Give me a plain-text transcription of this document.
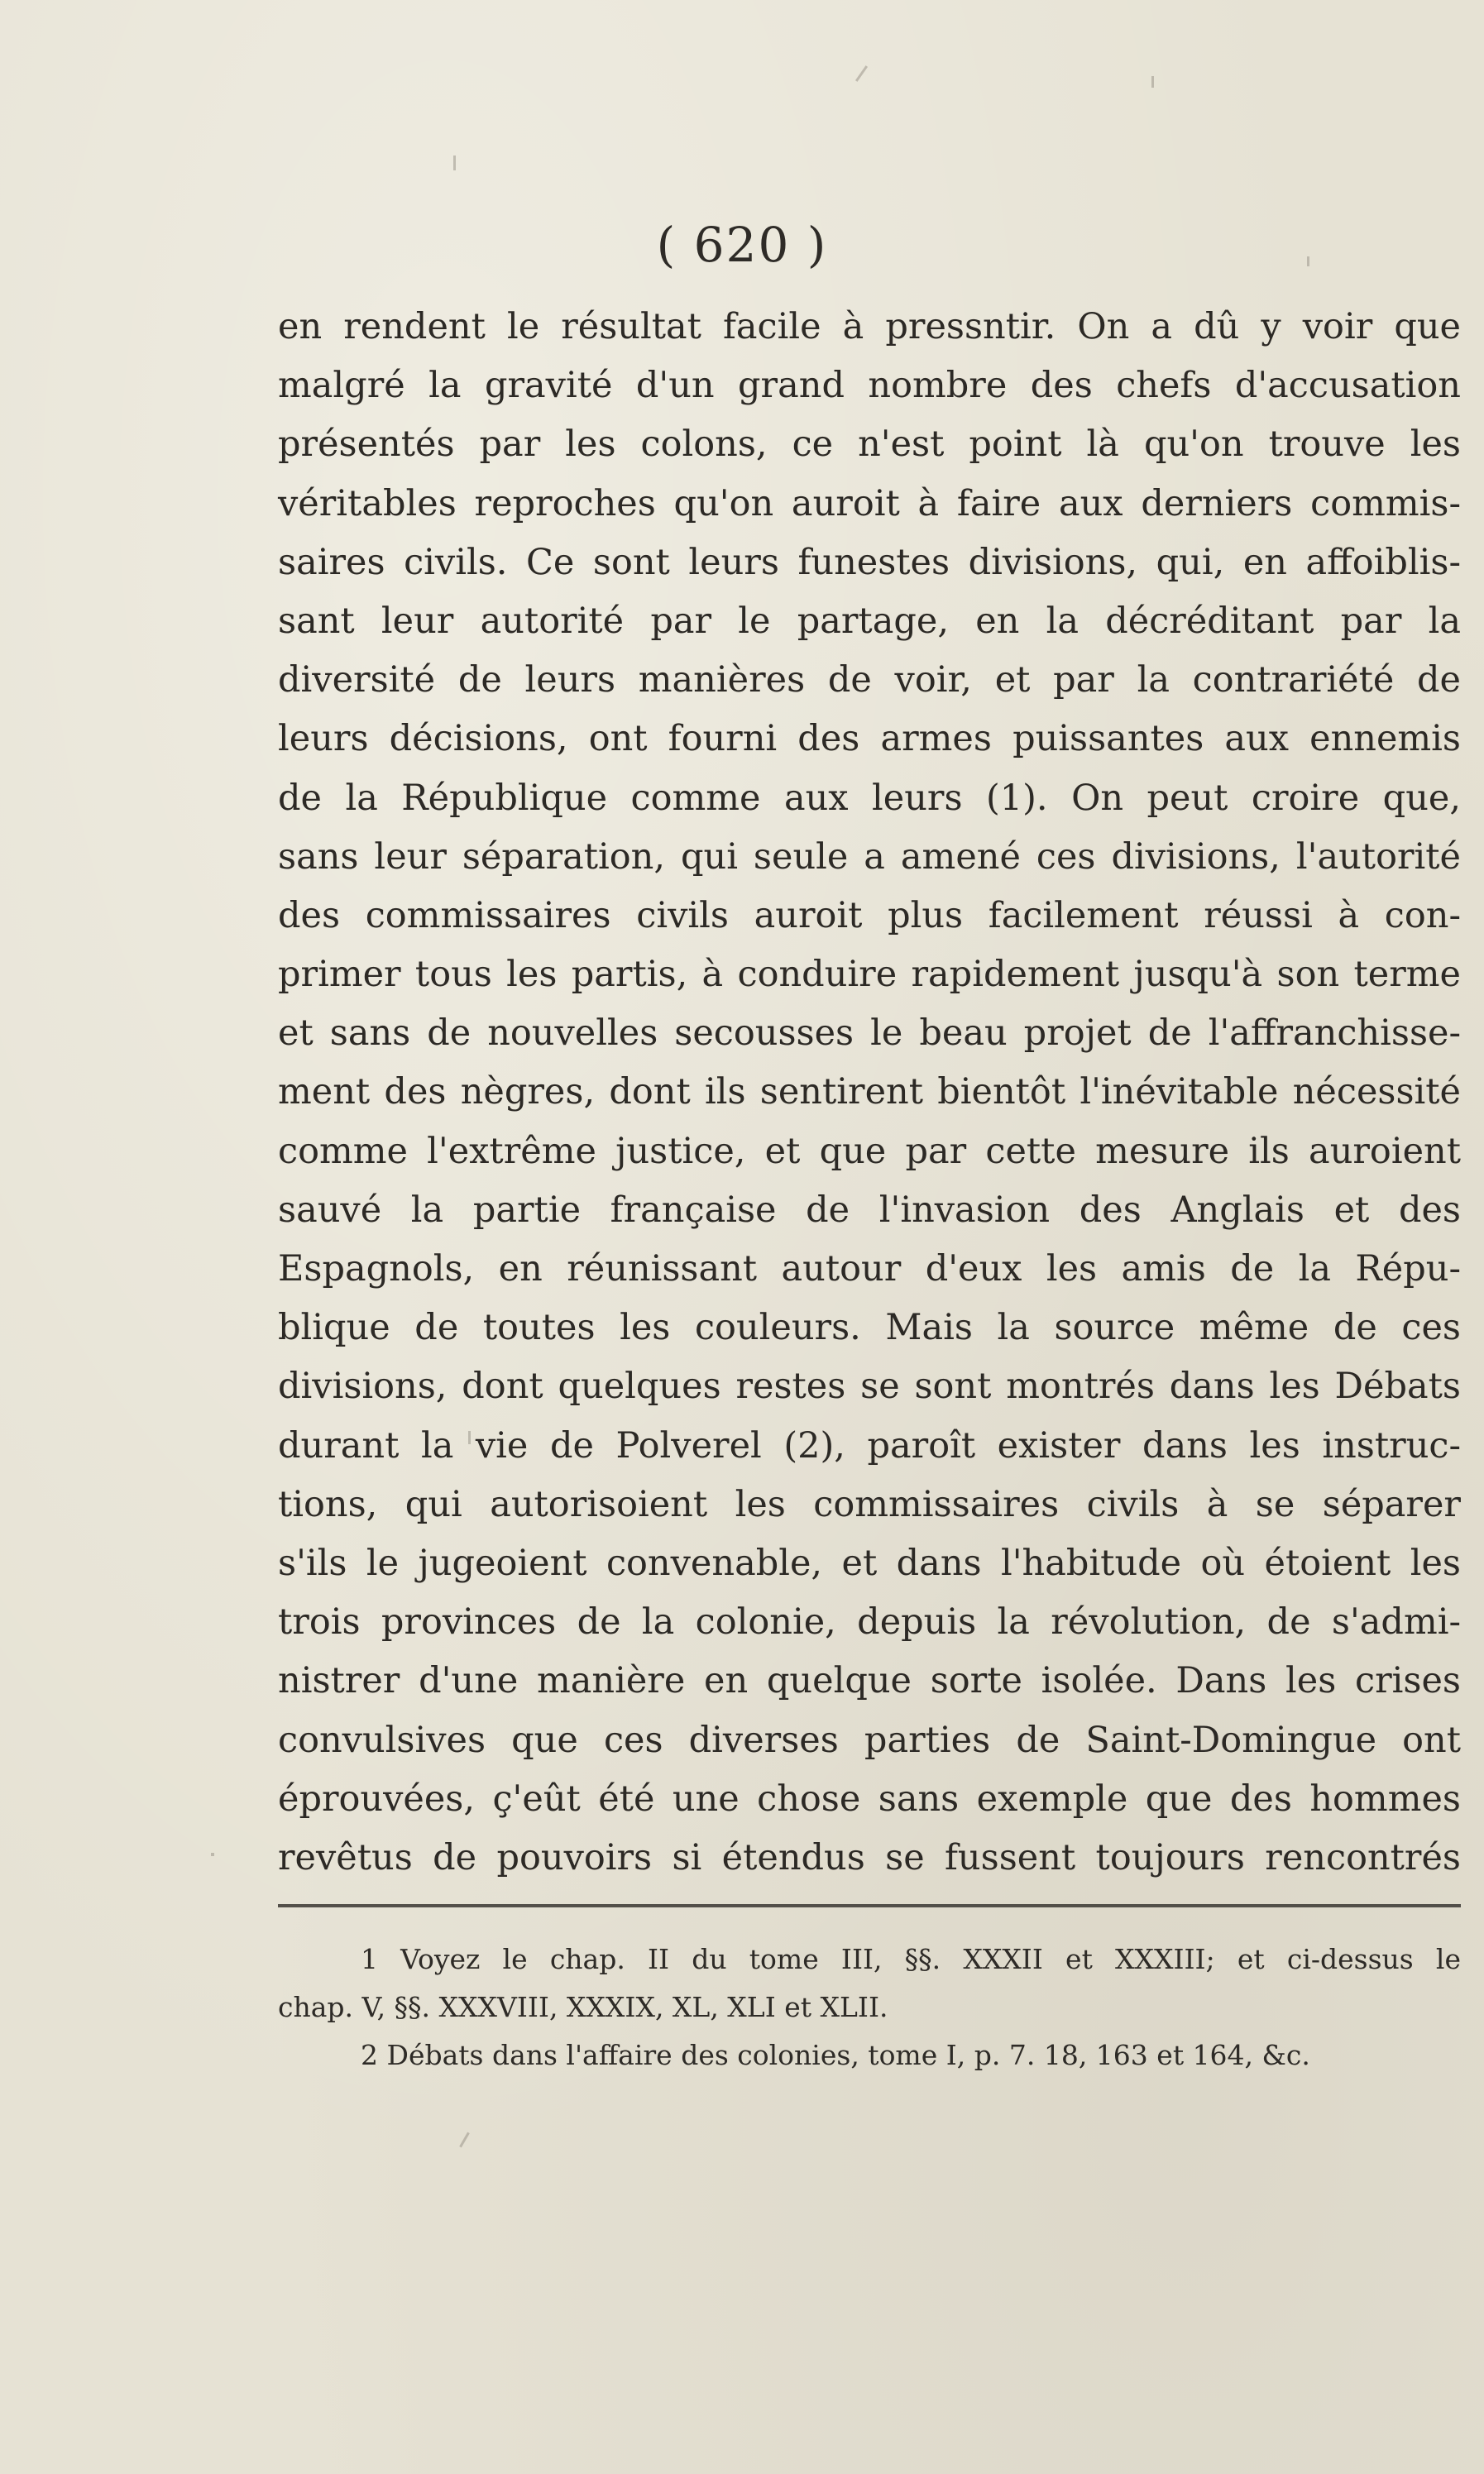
( 620 )
en rendent le résultat facile à pressntir. On a dû y voir que
malgré la gravité d'un grand nombre des chefs d'accusation
présentés par les colons, ce n'est point là qu'on trouve les
véritables reproches qu'on auroit à faire aux derniers commis-
saires civils. Ce sont leurs funestes divisions, qui, en affoiblis-
sant leur autorité par le partage, en la décréditant par la
diversité de leurs manières de voir, et par la contrariété de
leurs décisions, ont fourni des armes puissantes aux ennemis
de la République comme aux leurs (1). On peut croire que,
sans leur séparation, qui seule a amené ces divisions, l'autorité
des commissaires civils auroit plus facilement réussi à con-
primer tous les partis, à conduire rapidement jusqu'à son terme
et sans de nouvelles secousses le beau projet de l'affranchisse-
ment des nègres, dont ils sentirent bientôt l'inévitable nécessité
comme l'extrême justice, et que par cette mesure ils auroient
sauvé la partie française de l'invasion des Anglais et des
Espagnols, en réunissant autour d'eux les amis de la Répu-
blique de toutes les couleurs. Mais la source même de ces
divisions, dont quelques restes se sont montrés dans les Débats
durant la vie de Polverel (2), paroît exister dans les instruc-
tions, qui autorisoient les commissaires civils à se séparer
s'ils le jugeoient convenable, et dans l'habitude où étoient les
trois provinces de la colonie, depuis la révolution, de s'admi-
nistrer d'une manière en quelque sorte isolée. Dans les crises
convulsives que ces diverses parties de Saint-Domingue ont
éprouvées, ç'eût été une chose sans exemple que des hommes
revêtus de pouvoirs si étendus se fussent toujours rencontrés
1 Voyez le chap. II du tome III, §§. XXXII et XXXIII; et ci-dessus le
chap. V, §§. XXXVIII, XXXIX, XL, XLI et XLII.
2 Débats dans l'affaire des colonies, tome I, p. 7. 18, 163 et 164, &c.
